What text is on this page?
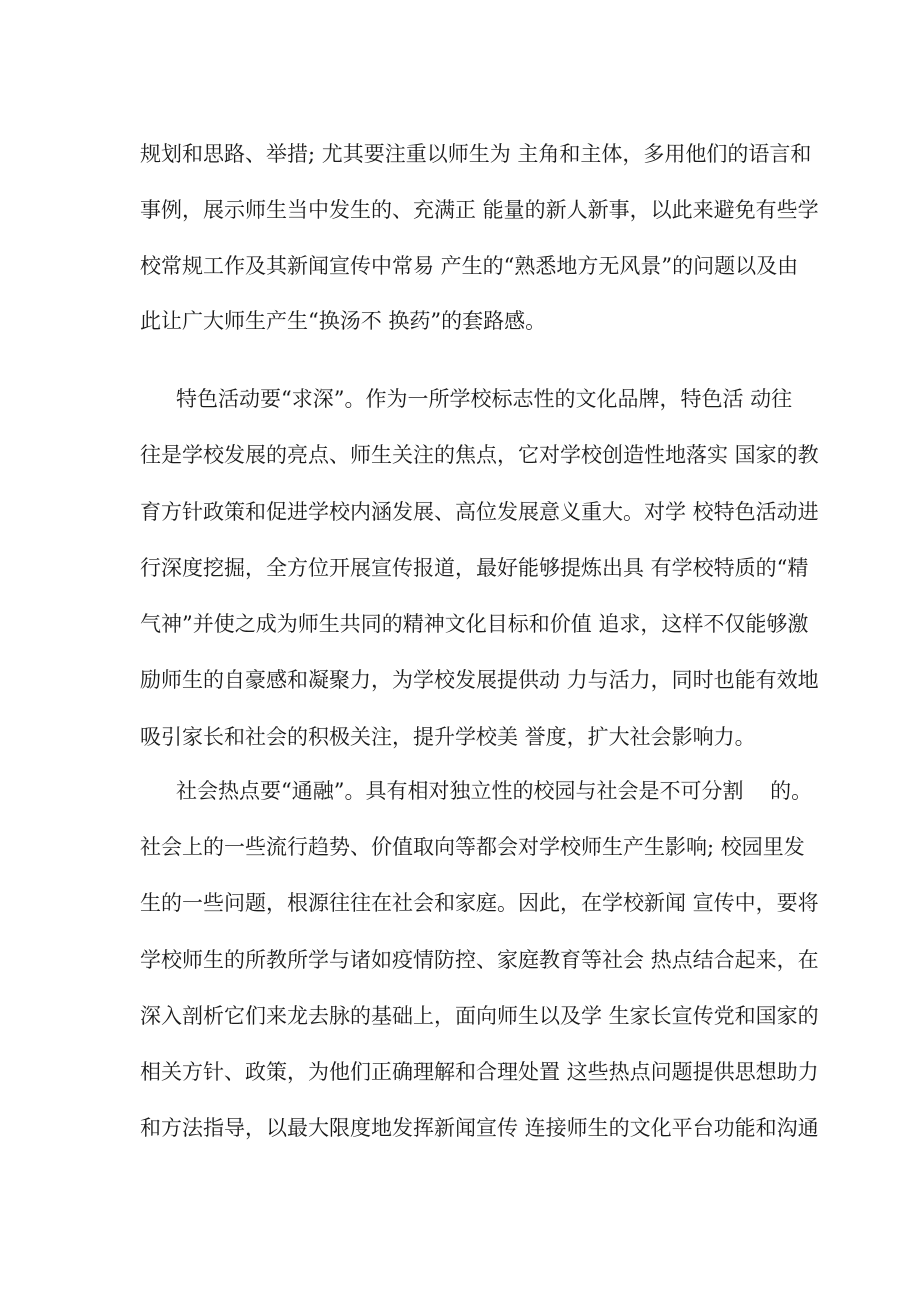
规划和思路、举措; 尤其要注重以师生为 主角和主体，多用他们的语言和

事例，展示师生当中发生的、充满正 能量的新人新事，以此来避免有些学

校常规工作及其新闻宣传中常易 产生的“熟悉地方无风景”的问题以及由

此让广大师生产生“换汤不 换药”的套路感。

特色活动要“求深”。作为一所学校标志性的文化品牌，特色活 动往

往是学校发展的亮点、师生关注的焦点，它对学校创造性地落实 国家的教

育方针政策和促进学校内涵发展、高位发展意义重大。对学 校特色活动进

行深度挖掘，全方位开展宣传报道，最好能够提炼出具 有学校特质的“精

气神”并使之成为师生共同的精神文化目标和价值 追求，这样不仅能够激

励师生的自豪感和凝聚力，为学校发展提供动 力与活力，同时也能有效地

吸引家长和社会的积极关注，提升学校美 誉度，扩大社会影响力。

社会热点要“通融”。具有相对独立性的校园与社会是不可分割    的。

社会上的一些流行趋势、价值取向等都会对学校师生产生影响; 校园里发

生的一些问题，根源往往在社会和家庭。因此，在学校新闻 宣传中，要将

学校师生的所教所学与诸如疫情防控、家庭教育等社会 热点结合起来，在

深入剖析它们来龙去脉的基础上，面向师生以及学 生家长宣传党和国家的

相关方针、政策，为他们正确理解和合理处置 这些热点问题提供思想助力

和方法指导，以最大限度地发挥新闻宣传 连接师生的文化平台功能和沟通
